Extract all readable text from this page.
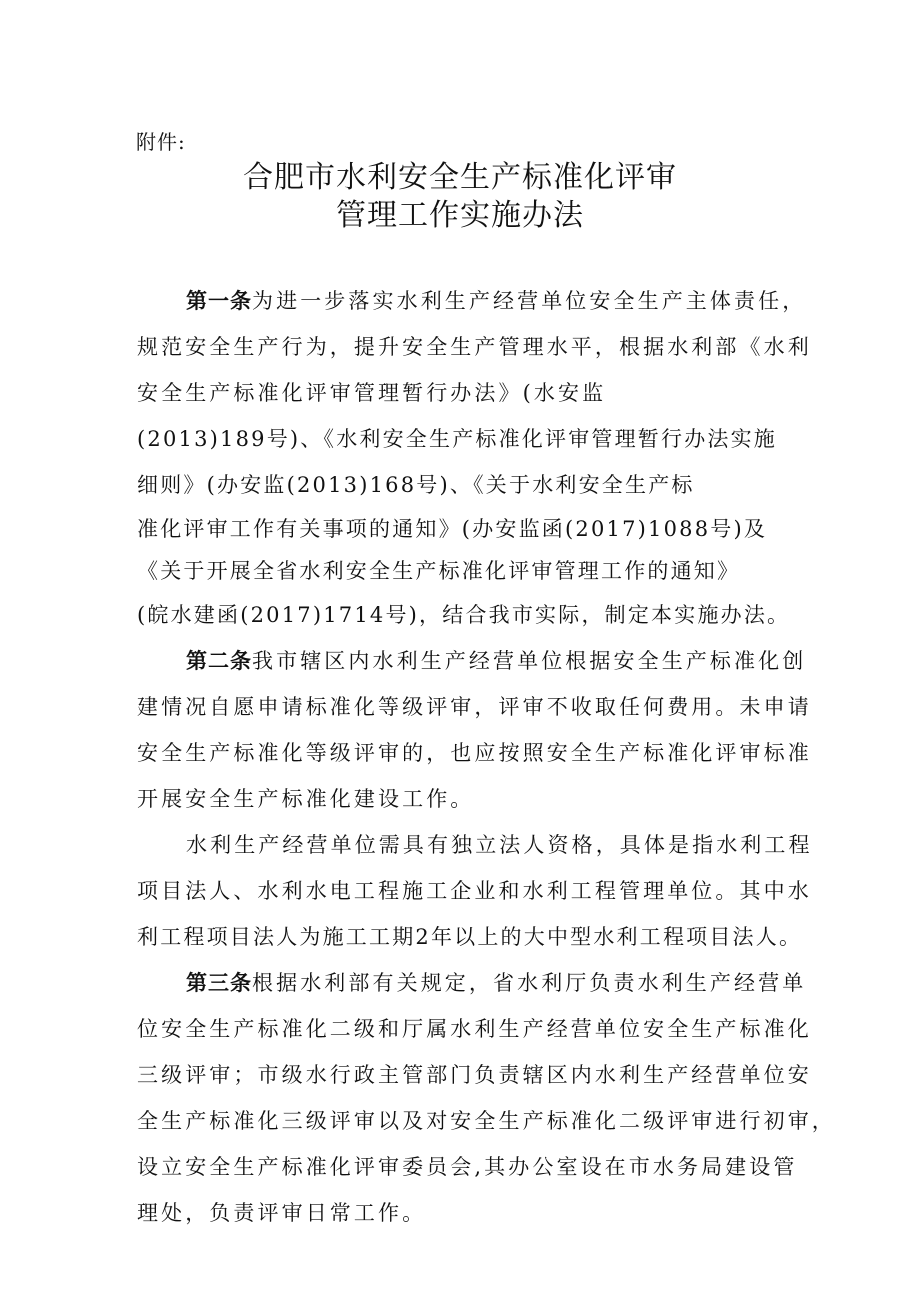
附件:
合肥市水利安全生产标准化评审
管理工作实施办法
第一条为进一步落实水利生产经营单位安全生产主体责任，
规范安全生产行为，提升安全生产管理水平，根据水利部《水利
安全生产标准化评审管理暂行办法》(水安监
(2013)189号)、《水利安全生产标准化评审管理暂行办法实施
细则》(办安监(2013)168号)、《关于水利安全生产标
准化评审工作有关事项的通知》(办安监函(2017)1088号)及
《关于开展全省水利安全生产标准化评审管理工作的通知》
(皖水建函(2017)1714号)，结合我市实际，制定本实施办法。
第二条我市辖区内水利生产经营单位根据安全生产标准化创
建情况自愿申请标准化等级评审，评审不收取任何费用。未申请
安全生产标准化等级评审的，也应按照安全生产标准化评审标准
开展安全生产标准化建设工作。
水利生产经营单位需具有独立法人资格，具体是指水利工程
项目法人、水利水电工程施工企业和水利工程管理单位。其中水
利工程项目法人为施工工期2年以上的大中型水利工程项目法人。
第三条根据水利部有关规定，省水利厅负责水利生产经营单
位安全生产标准化二级和厅属水利生产经营单位安全生产标准化
三级评审；市级水行政主管部门负责辖区内水利生产经营单位安
全生产标准化三级评审以及对安全生产标准化二级评审进行初审，
设立安全生产标准化评审委员会,其办公室设在市水务局建设管
理处，负责评审日常工作。
